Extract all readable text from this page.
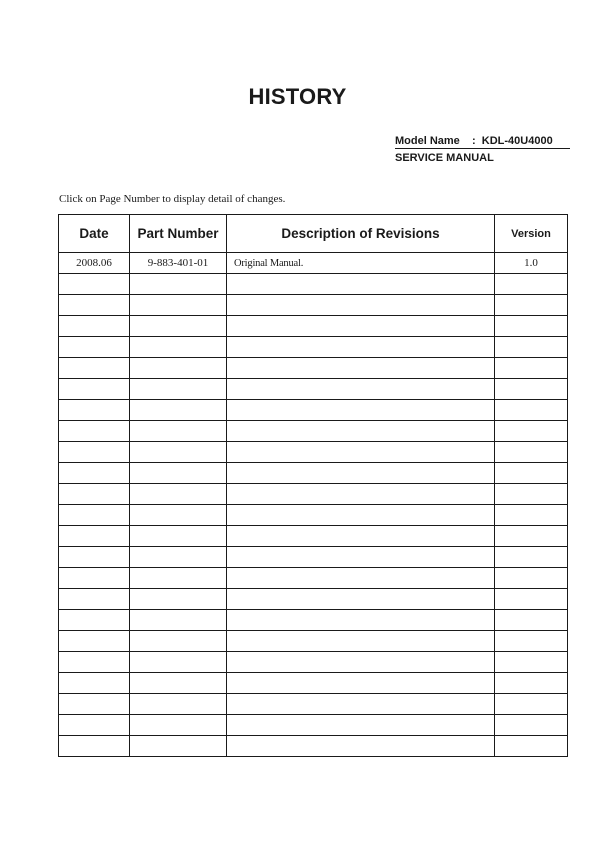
HISTORY
Model Name    :  KDL-40U4000
SERVICE MANUAL
Click on Page Number to display detail of changes.
Date	Part Number	Description of Revisions	Version
2008.06	9-883-401-01	Original Manual.	1.0
